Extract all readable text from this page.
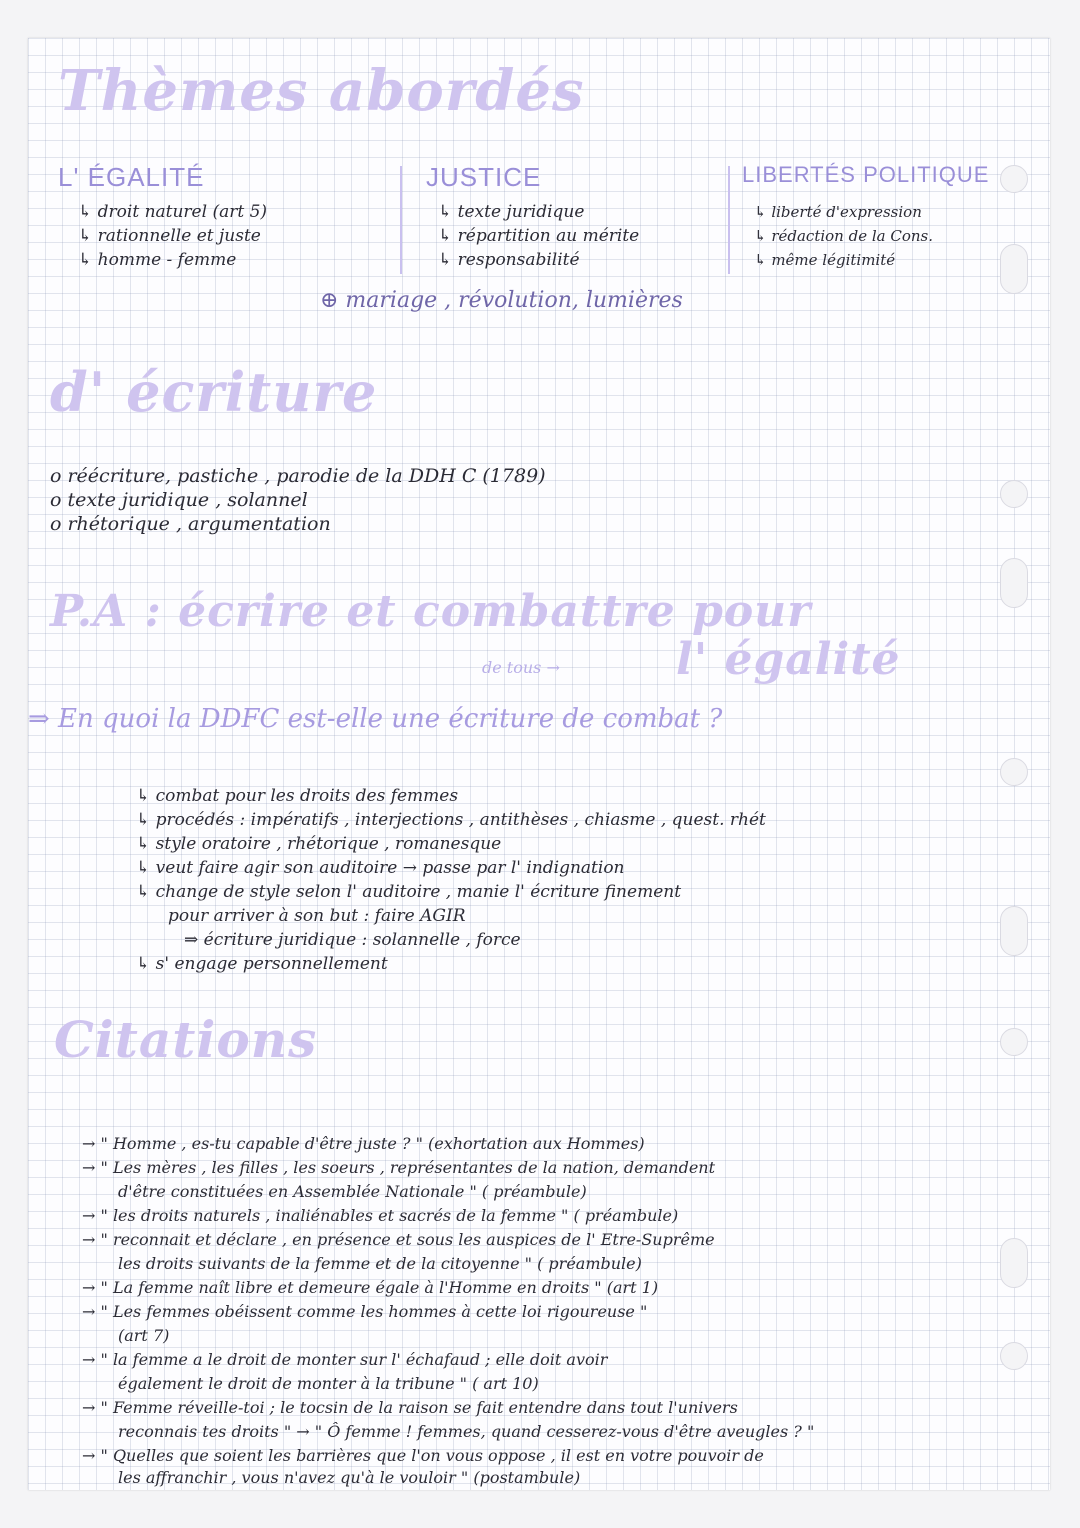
Thèmes abordés
L' ÉGALITÉ
↳ droit naturel (art 5)
↳ rationnelle et juste
↳ homme - femme
JUSTICE
↳ texte juridique
↳ répartition au mérite
↳ responsabilité
LIBERTÉS POLITIQUE
↳ liberté d'expression
↳ rédaction de la Cons.
↳ même légitimité
⊕ mariage , révolution, lumières
d' écriture
o réécriture, pastiche , parodie de la DDH C (1789)
o texte juridique , solannel
o rhétorique , argumentation
P.A : écrire et combattre pour
de tous →	l' égalité
⇒ En quoi la DDFC est-elle une écriture de combat ?
↳ combat pour les droits des femmes
↳ procédés : impératifs , interjections , antithèses , chiasme , quest. rhét
↳ style oratoire , rhétorique , romanesque
↳ veut faire agir son auditoire → passe par l' indignation
↳ change de style selon l' auditoire , manie l' écriture finement
pour arriver à son but : faire AGIR
⇒ écriture juridique : solannelle , force
↳ s' engage personnellement
Citations
→ " Homme , es-tu capable d'être juste ? " (exhortation aux Hommes)
→ " Les mères , les filles , les soeurs , représentantes de la nation, demandent
d'être constituées en Assemblée Nationale " ( préambule)
→ " les droits naturels , inaliénables et sacrés de la femme " ( préambule)
→ " reconnait et déclare , en présence et sous les auspices de l' Etre-Suprême
les droits suivants de la femme et de la citoyenne " ( préambule)
→ " La femme naît libre et demeure égale à l'Homme en droits " (art 1)
→ " Les femmes obéissent comme les hommes à cette loi rigoureuse "
(art 7)
→ " la femme a le droit de monter sur l' échafaud ; elle doit avoir
également le droit de monter à la tribune " ( art 10)
→ " Femme réveille-toi ; le tocsin de la raison se fait entendre dans tout l'univers
reconnais tes droits " → " Ô femme ! femmes, quand cesserez-vous d'être aveugles ? "
→ " Quelles que soient les barrières que l'on vous oppose , il est en votre pouvoir de
les affranchir , vous n'avez qu'à le vouloir " (postambule)
